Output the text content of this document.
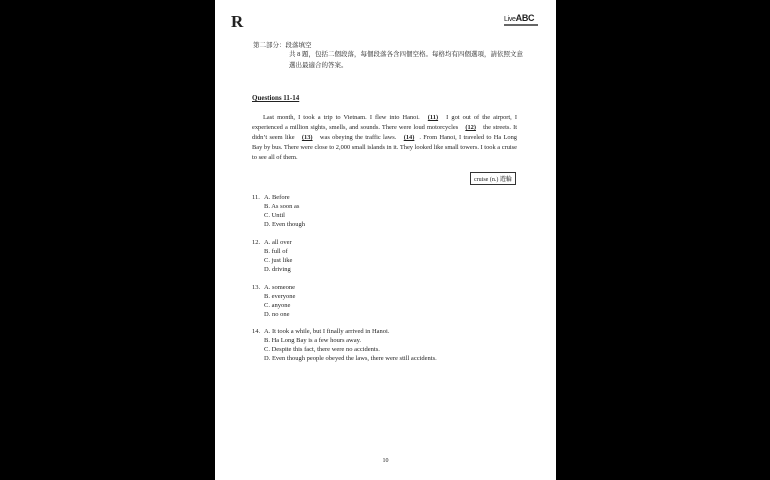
R	LiveABC
第二部分：段落填空
共 8 題，包括二個段落，每個段落各含四個空格。每格均有四個選項，請依照文意選出最適合的答案。
Questions 11-14
Last month, I took a trip to Vietnam. I flew into Hanoi. (11) I got out of the airport, I experienced a million sights, smells, and sounds. There were loud motorcycles (12) the streets. It didn’t seem like (13) was obeying the traffic laws. (14) . From Hanoi, I traveled to Ha Long Bay by bus. There were close to 2,000 small islands in it. They looked like small towers. I took a cruise to see all of them.
cruise (n.) 遊輪
11. A. Before
B. As soon as
C. Until
D. Even though
12. A. all over
B. full of
C. just like
D. driving
13. A. someone
B. everyone
C. anyone
D. no one
14. A. It took a while, but I finally arrived in Hanoi.
B. Ha Long Bay is a few hours away.
C. Despite this fact, there were no accidents.
D. Even though people obeyed the laws, there were still accidents.
10
